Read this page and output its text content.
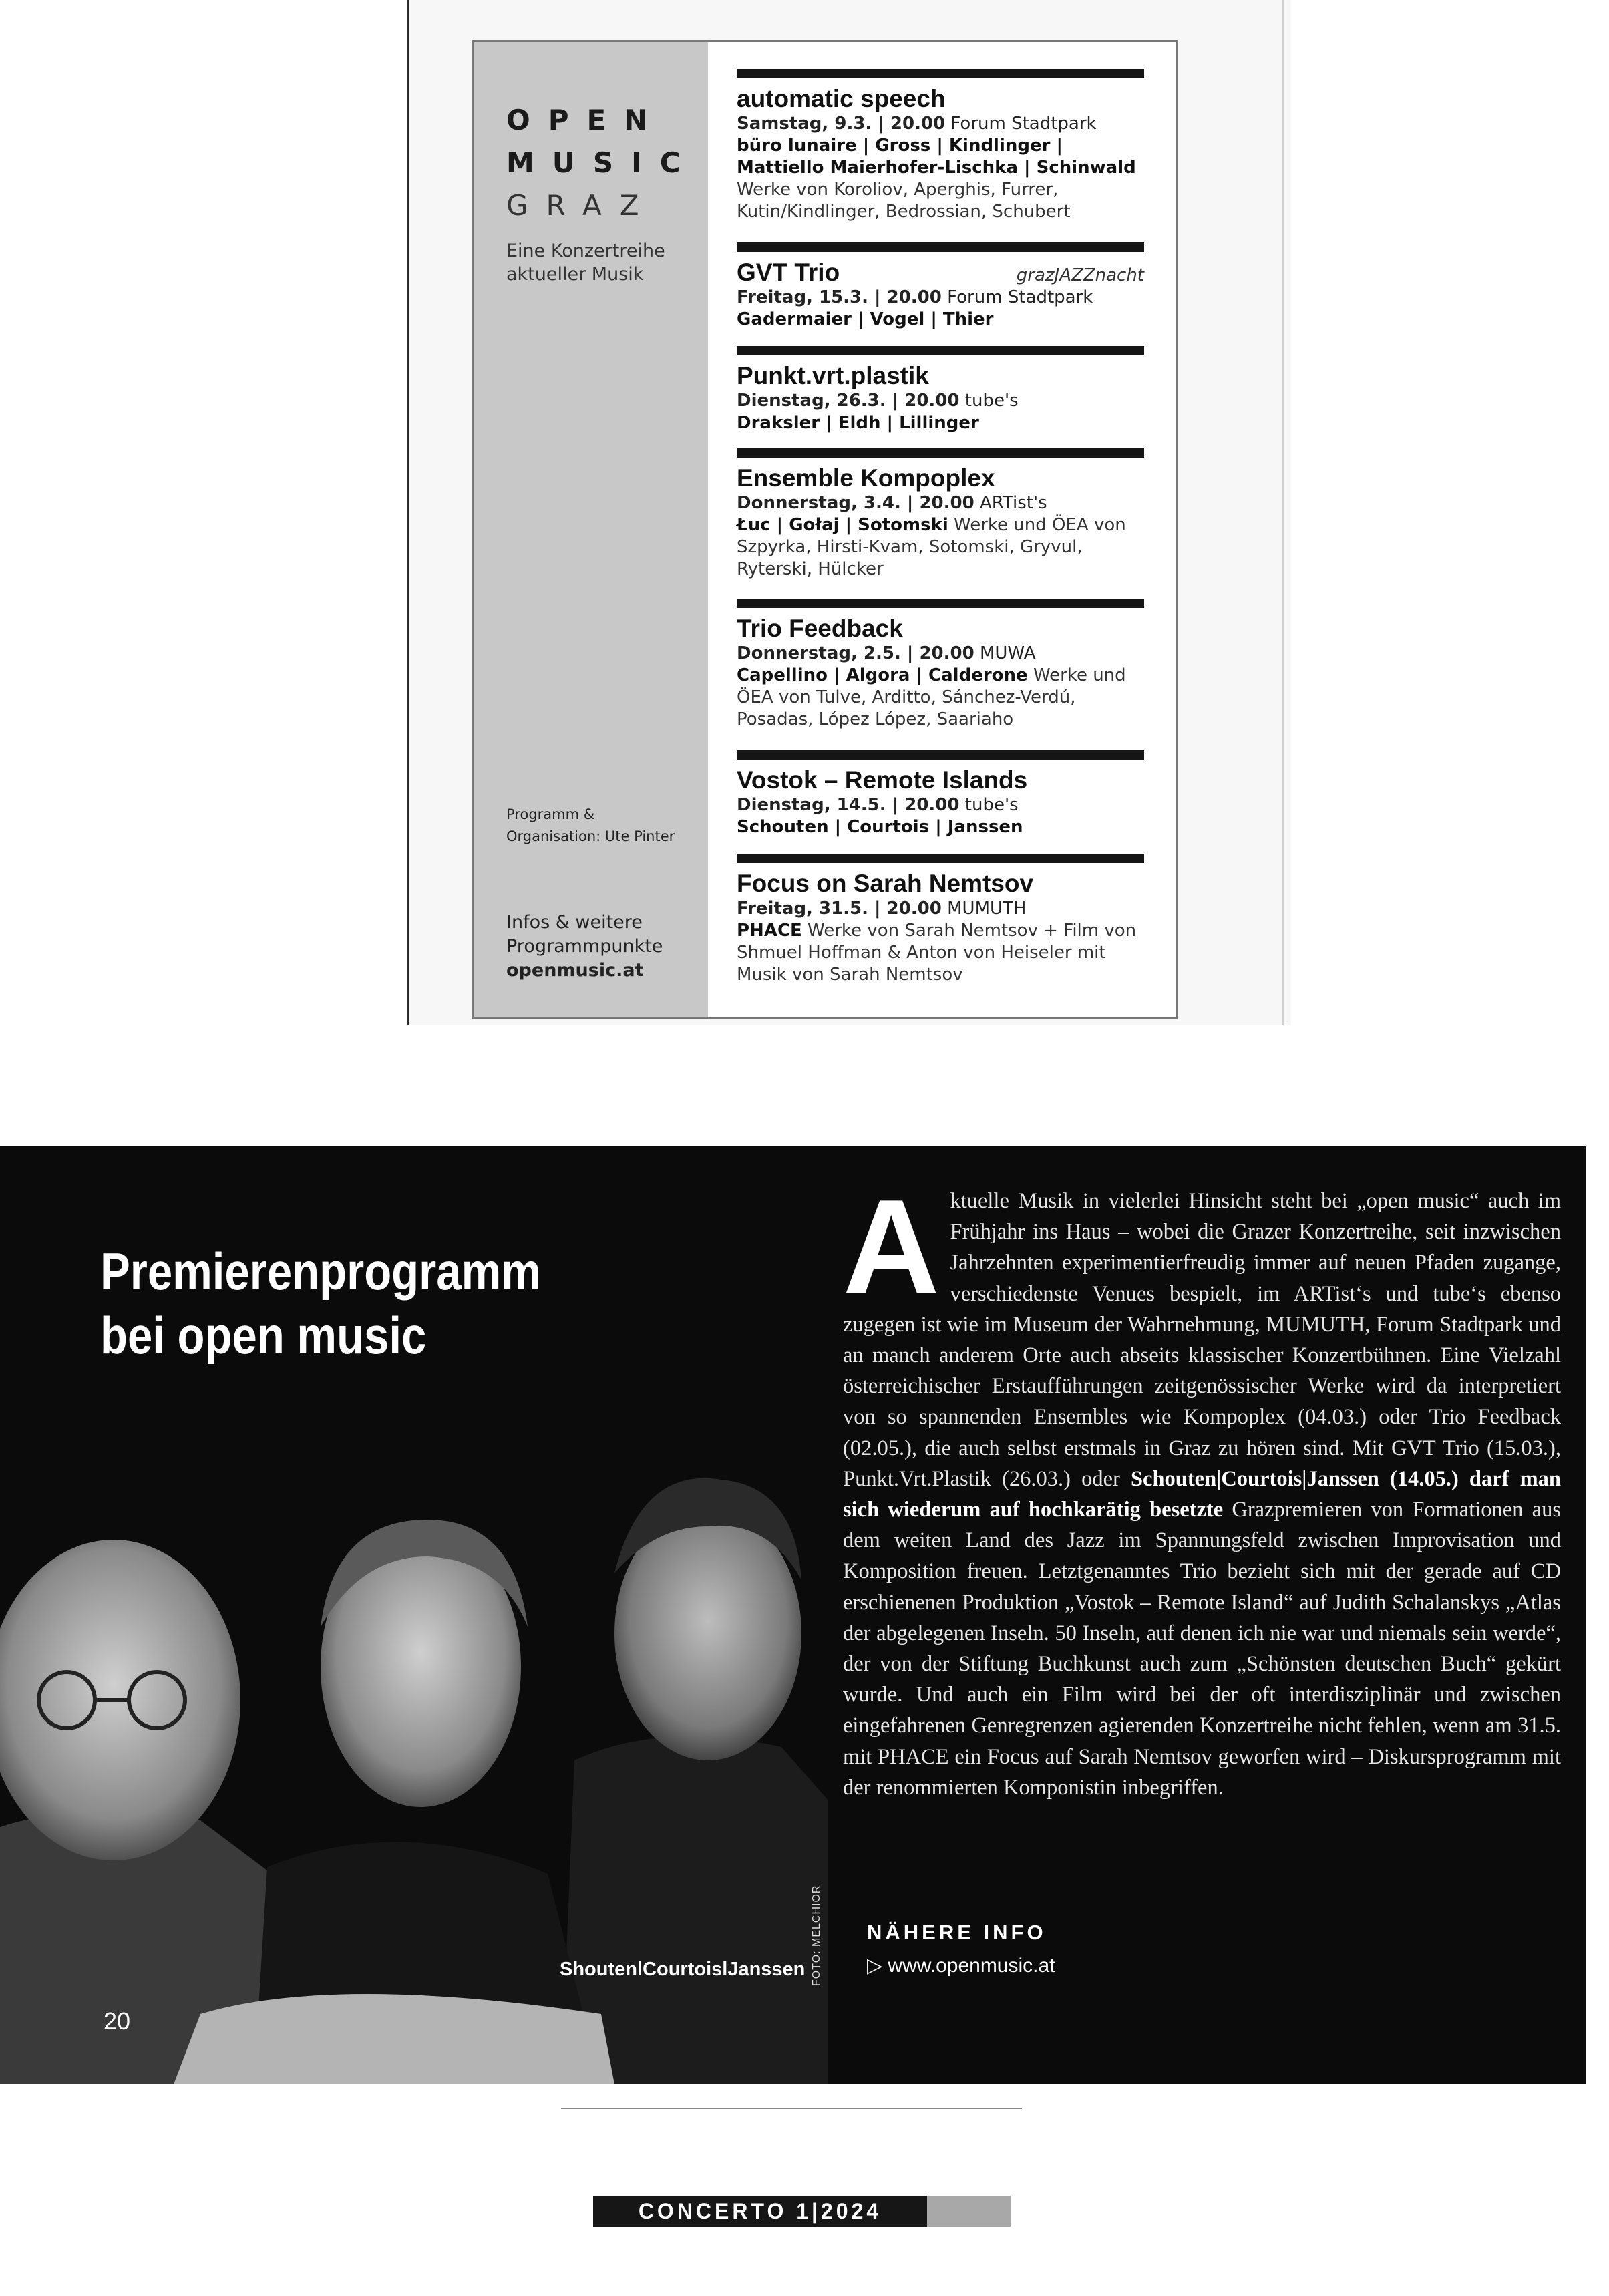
OPEN
MUSIC
GRAZ
Eine Konzertreihe aktueller Musik
Programm & Organisation: Ute Pinter
Infos & weitere Programmpunkte
openmusic.at
automatic speech
Samstag, 9.3. | 20.00 Forum Stadtpark
büro lunaire | Gross | Kindlinger | Mattiello Maierhofer-Lischka | Schinwald
Werke von Koroliov, Aperghis, Furrer, Kutin/Kindlinger, Bedrossian, Schubert
GVT Trio	grazJAZZnacht
Freitag, 15.3. | 20.00 Forum Stadtpark
Gadermaier | Vogel | Thier
Punkt.vrt.plastik
Dienstag, 26.3. | 20.00 tube's
Draksler | Eldh | Lillinger
Ensemble Kompoplex
Donnerstag, 3.4. | 20.00 ARTist's
Łuc | Gołaj | Sotomski Werke und ÖEA von Szpyrka, Hirsti-Kvam, Sotomski, Gryvul, Ryterski, Hülcker
Trio Feedback
Donnerstag, 2.5. | 20.00 MUWA
Capellino | Algora | Calderone Werke und ÖEA von Tulve, Arditto, Sánchez-Verdú, Posadas, López López, Saariaho
Vostok – Remote Islands
Dienstag, 14.5. | 20.00 tube's
Schouten | Courtois | Janssen
Focus on Sarah Nemtsov
Freitag, 31.5. | 20.00 MUMUTH
PHACE Werke von Sarah Nemtsov + Film von Shmuel Hoffman & Anton von Heiseler mit Musik von Sarah Nemtsov
Premierenprogramm
bei open music
Aktuelle Musik in vielerlei Hinsicht steht bei „open music“ auch im Frühjahr ins Haus – wobei die Grazer Konzertreihe, seit inzwischen Jahrzehnten experimentierfreudig immer auf neuen Pfaden zugange, verschiedenste Venues bespielt, im ARTist‘s und tube‘s ebenso zugegen ist wie im Museum der Wahrnehmung, MUMUTH, Forum Stadtpark und an manch anderem Orte auch abseits klassischer Konzertbühnen. Eine Vielzahl österreichischer Erstaufführungen zeitgenössischer Werke wird da interpretiert von so spannenden Ensembles wie Kompoplex (04.03.) oder Trio Feedback (02.05.), die auch selbst erstmals in Graz zu hören sind. Mit GVT Trio (15.03.), Punkt.Vrt.Plastik (26.03.) oder Schouten|Courtois|Janssen (14.05.) darf man sich wiederum auf hochkarätig besetzte Grazpremieren von Formationen aus dem weiten Land des Jazz im Spannungsfeld zwischen Improvisation und Komposition freuen. Letztgenanntes Trio bezieht sich mit der gerade auf CD erschienenen Produktion „Vostok – Remote Island“ auf Judith Schalanskys „Atlas der abgelegenen Inseln. 50 Inseln, auf denen ich nie war und niemals sein werde“, der von der Stiftung Buchkunst auch zum „Schönsten deutschen Buch“ gekürt wurde. Und auch ein Film wird bei der oft interdisziplinär und zwischen eingefahrenen Genregrenzen agierenden Konzertreihe nicht fehlen, wenn am 31.5. mit PHACE ein Focus auf Sarah Nemtsov geworfen wird – Diskursprogramm mit der renommierten Komponistin inbegriffen.
NÄHERE INFO
▷ www.openmusic.at
ShoutenlCourtoislJanssen FOTO: MELCHIOR
20
CONCERTO 1|2024
